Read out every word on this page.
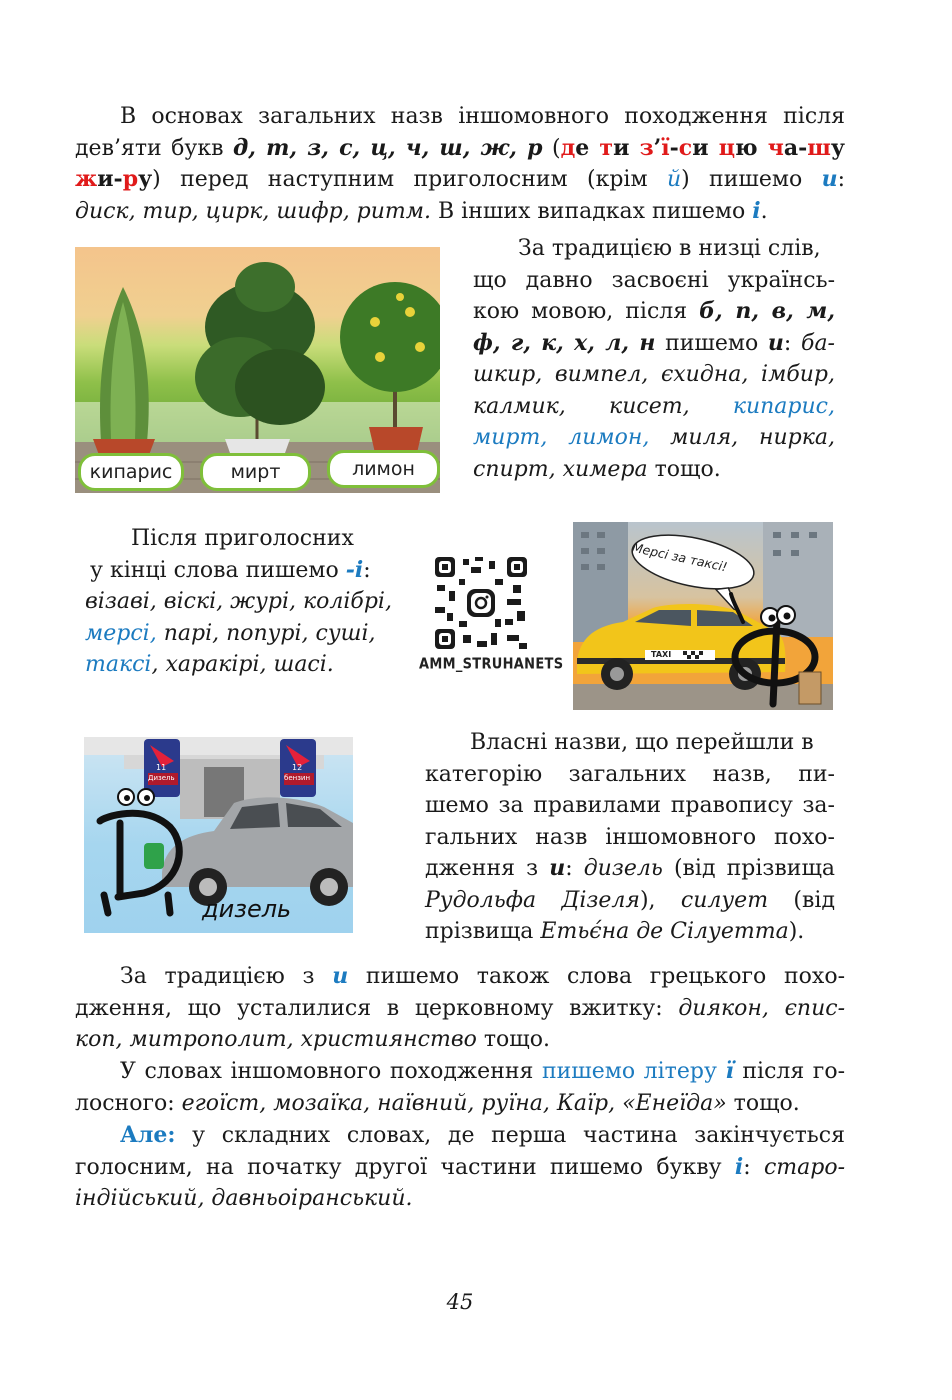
В основах загальних назв іншомовного походження після
дев’яти букв д, т, з, с, ц, ч, ш, ж, р (де ти з’ї-си цю ча-шу
жи-ру) перед наступним приголосним (крім й) пишемо и:
диск, тир, цирк, шифр, ритм. В інших випадках пишемо і.
кипарис	мирт	лимон
За традицією в низці слів,
що давно засвоєні українсь-
кою мовою, після б, п, в, м,
ф, г, к, х, л, н пишемо и: ба-
шкир, вимпел, єхидна, імбир,
калмик, кисет, кипарис,
мирт, лимон, миля, нирка,
спирт, химера тощо.
Після приголосних
у кінці слова пишемо -і:
візаві, віскі, журі, колібрі,
мерсі, парі, попурі, суші,
таксі, харакірі, шасі.	AMM_STRUHANETS
Мерсі за таксі!
TAXI
11
Дизель
12
бензин
дизель
Власні назви, що перейшли в
категорію загальних назв, пи-
шемо за правилами правопису за-
гальних назв іншомовного похо-
дження з и: дизель (від прізвища
Рудольфа Дізеля), силует (від
прізвища Етьє́на де Сілуетта).
За традицією з и пишемо також слова грецького похо-
дження, що усталилися в церковному вжитку: диякон, єпис-
коп, митрополит, християнство тощо.
У словах іншомовного походження пишемо літеру ї після го-
лосного: егоїст, мозаїка, наївний, руїна, Каїр, «Енеїда» тощо.
Але: у складних словах, де перша частина закінчується
голосним, на початку другої частини пишемо букву і: старо-
індійський, давньоіранський.
45
